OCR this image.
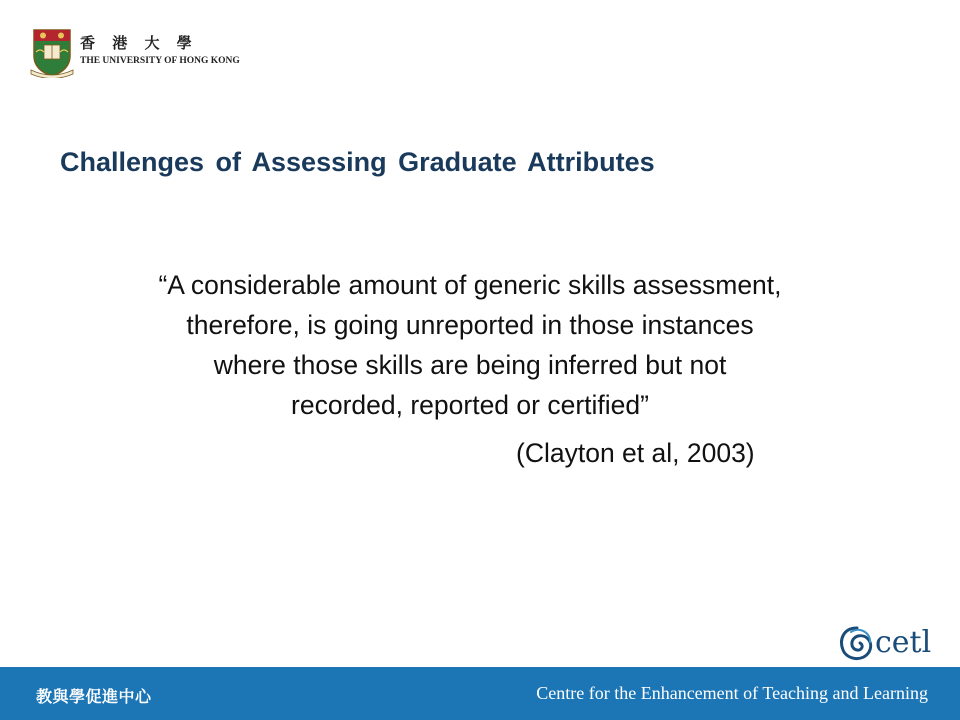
香 港 大 學
THE UNIVERSITY OF HONG KONG
Challenges of Assessing Graduate Attributes
“A considerable amount of generic skills assessment,
therefore, is going unreported in those instances
where those skills are being inferred but not
recorded, reported or certified”
(Clayton et al, 2003)
cetl
教與學促進中心	Centre for the Enhancement of Teaching and Learning
